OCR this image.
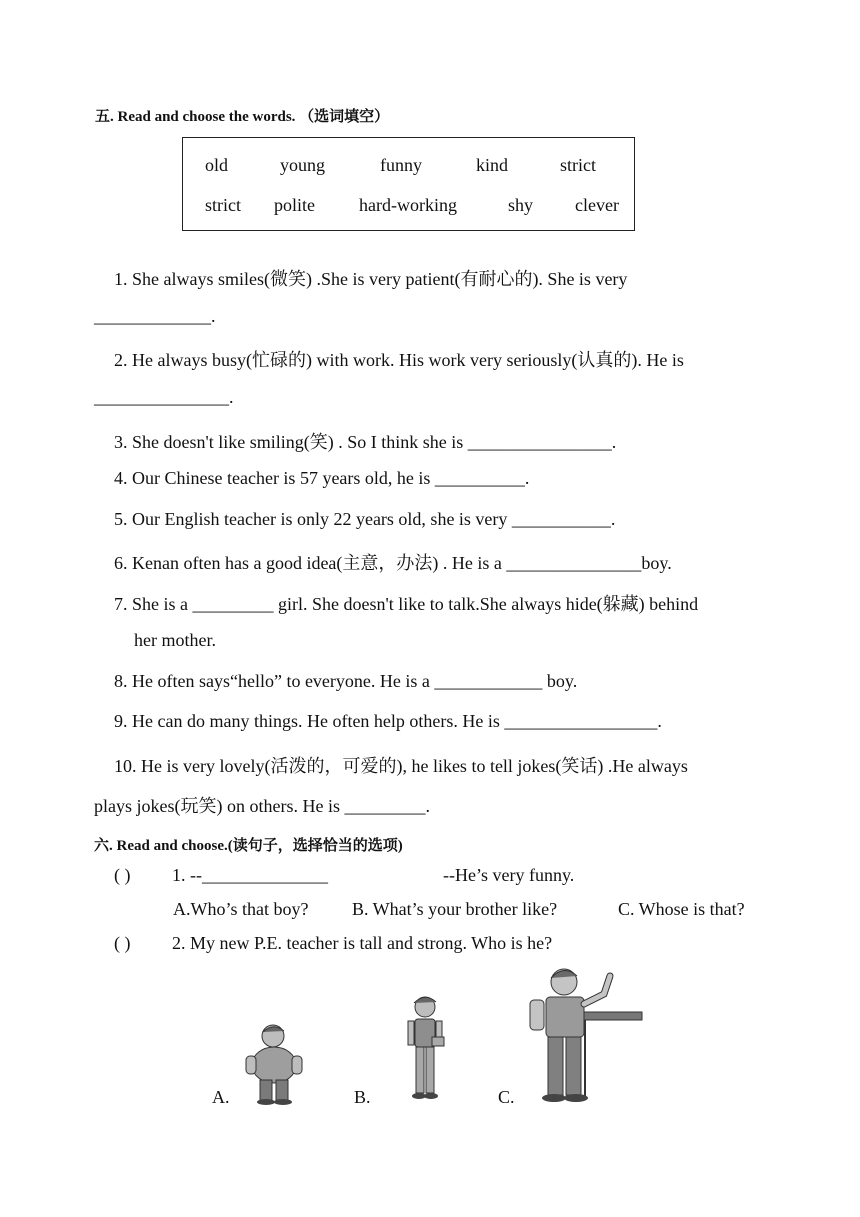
五. Read and choose the words. （选词填空）
old	young	funny	kind	strict
strict polite hard-working	shy clever
1. She always smiles(微笑) .She is very patient(有耐心的). She is very
_____________.
2. He always busy(忙碌的) with work. His work very seriously(认真的). He is
_______________.
3. She doesn't like smiling(笑) . So I think she is ________________.
4. Our Chinese teacher is 57 years old, he is __________.
5. Our English teacher is only 22 years old, she is very ___________.
6. Kenan often has a good idea(主意，办法) . He is a _______________boy.
7. She is a _________ girl. She doesn't like to talk.She always hide(躲藏) behind
her mother.
8. He often says“hello” to everyone. He is a ____________ boy.
9. He can do many things. He often help others. He is _________________.
10. He is very lovely(活泼的，可爱的), he likes to tell jokes(笑话) .He always
plays jokes(玩笑) on others. He is _________.
六. Read and choose.(读句子，选择恰当的选项)
( ) 1. --______________	--He’s very funny.
A.Who’s that boy? B. What’s your brother like?	C. Whose is that?
( ) 2. My new P.E. teacher is tall and strong. Who is he?
A.	B.	C.
